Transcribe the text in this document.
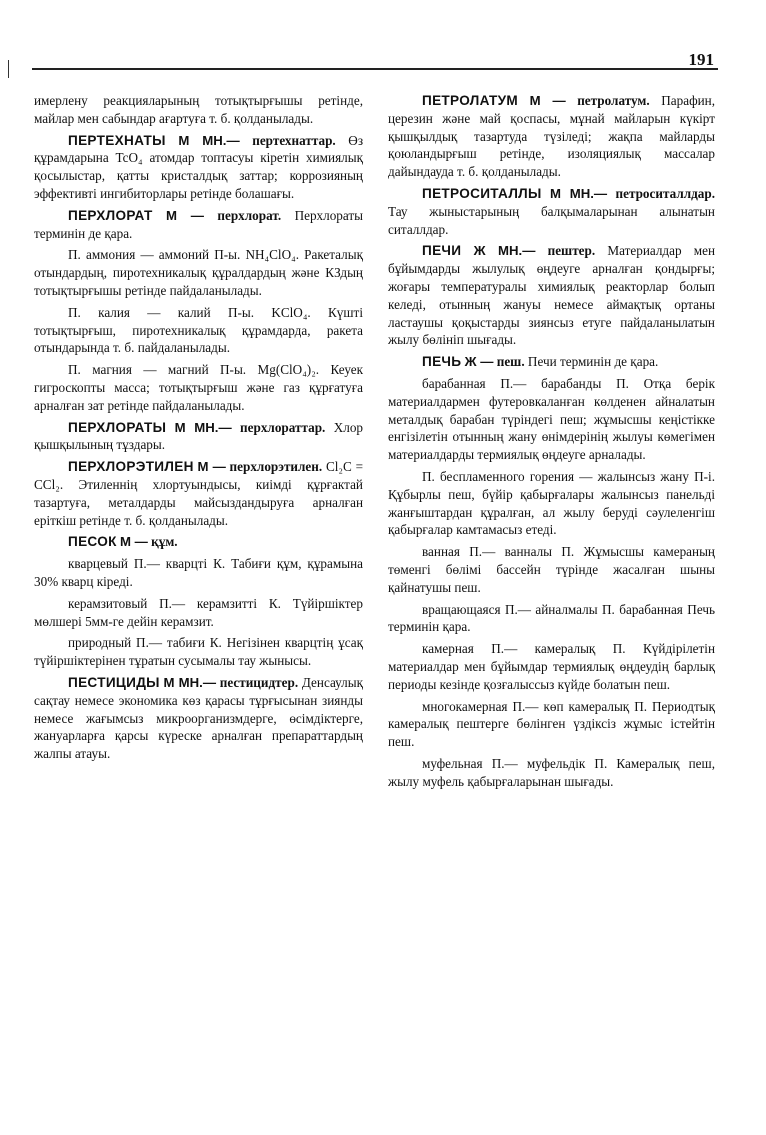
191

имерлену реакцияларының тотықтырғышы ретінде, майлар мен сабындар ағартуға т. б. қолданылады.

ПЕРТЕХНАТЫ М МН.— пертехнаттар. Өз құрамдарына TcO₄ атомдар топтасуы кіретін химиялық қосылыстар, қатты кристалдық заттар; коррозияның эффективті ингибиторлары ретінде болашағы.

ПЕРХЛОРАТ М — перхлорат. Перхлораты терминін де қара.

П. аммония — аммоний П-ы. NH₄ClO₄. Ракеталық отындардың, пиротехникалық құралдардың және КЗдың тотықтырғышы ретінде пайдаланылады.

П. калия — калий П-ы. KClO₄. Күшті тотықтырғыш, пиротехникалық құрамдарда, ракета отындарында т. б. пайдаланылады.

П. магния — магний П-ы. Mg(ClO₄)₂. Кеуек гигроскопты масса; тотықтырғыш және газ құрғатуға арналған зат ретінде пайдаланылады.

ПЕРХЛОРАТЫ М МН.— перхлораттар. Хлор қышқылының тұздары.

ПЕРХЛОРЭТИЛЕН М — перхлорэтилен. Cl₂C = CCl₂. Этиленнің хлортуындысы, киімді құрғактай тазартуға, металдарды майсыздандыруға арналған еріткіш ретінде т. б. қолданылады.

ПЕСОК М — құм.

кварцевый П.— кварцті К. Табиғи құм, құрамына 30% кварц кіреді.

керамзитовый П.— керамзитті К. Түйіршіктер мөлшері 5мм-ге дейін керамзит.

природный П.— табиғи К. Негізінен кварцтің ұсақ түйіршіктерінен тұратын сусымалы тау жынысы.

ПЕСТИЦИДЫ М МН.— пестицидтер. Денсаулық сақтау немесе экономика көз қарасы тұрғысынан зиянды немесе жағымсыз микроорганизмдерге, өсімдіктерге, жануарларға қарсы күреске арналған препараттардың жалпы атауы.

ПЕТРОЛАТУМ М — петролатум. Парафин, церезин және май қоспасы, мұнай майларын күкірт қышқылдық тазартуда түзіледі; жақпа майларды қоюландырғыш ретінде, изоляциялық массалар дайындауда т. б. қолданылады.

ПЕТРОСИТАЛЛЫ М МН.— петроситаллдар. Тау жыныстарының балқымаларынан алынатын ситаллдар.

ПЕЧИ Ж МН.— пештер. Материалдар мен бұйымдарды жылулық өңдеуге арналған қондырғы; жоғары температуралы химиялық реакторлар болып келеді, отынның жануы немесе аймақтық ортаны ластаушы қоқыстарды зиянсыз етуге пайдаланылатын жылу бөлініп шығады.

ПЕЧЬ Ж — пеш. Печи терминін де қара.

барабанная П.— барабанды П. Отқа берік материалдармен футеровкаланған көлденен айналатын металдық барабан түріндегі пеш; жұмысшы кеңістікке енгізілетін отынның жану өнімдерінің жылуы көмегімен материалдарды термиялық өңдеуге арналады.

П. беспламенного горения — жалынсыз жану П-і. Құбырлы пеш, бүйір қабырғалары жалынсыз панельді жанғыштардан құралған, ал жылу беруді сәулеленгіш қабырғалар камтамасыз етеді.

ванная П.— ванналы П. Жұмысшы камераның төменгі бөлімі бассейн түрінде жасалған шыны қайнатушы пеш.

вращающаяся П.— айналмалы П. барабанная Печь терминін қара.

камерная П.— камералық П. Күйдірілетін материалдар мен бұйымдар термиялық өңдеудің барлық периоды кезінде қозғалыссыз күйде болатын пеш.

многокамерная П.— көп камералық П. Периодтық камералық пештерге бөлінген үздіксіз жұмыс істейтін пеш.

муфельная П.— муфельдік П. Камералық пеш, жылу муфель қабырғаларынан шығады.
